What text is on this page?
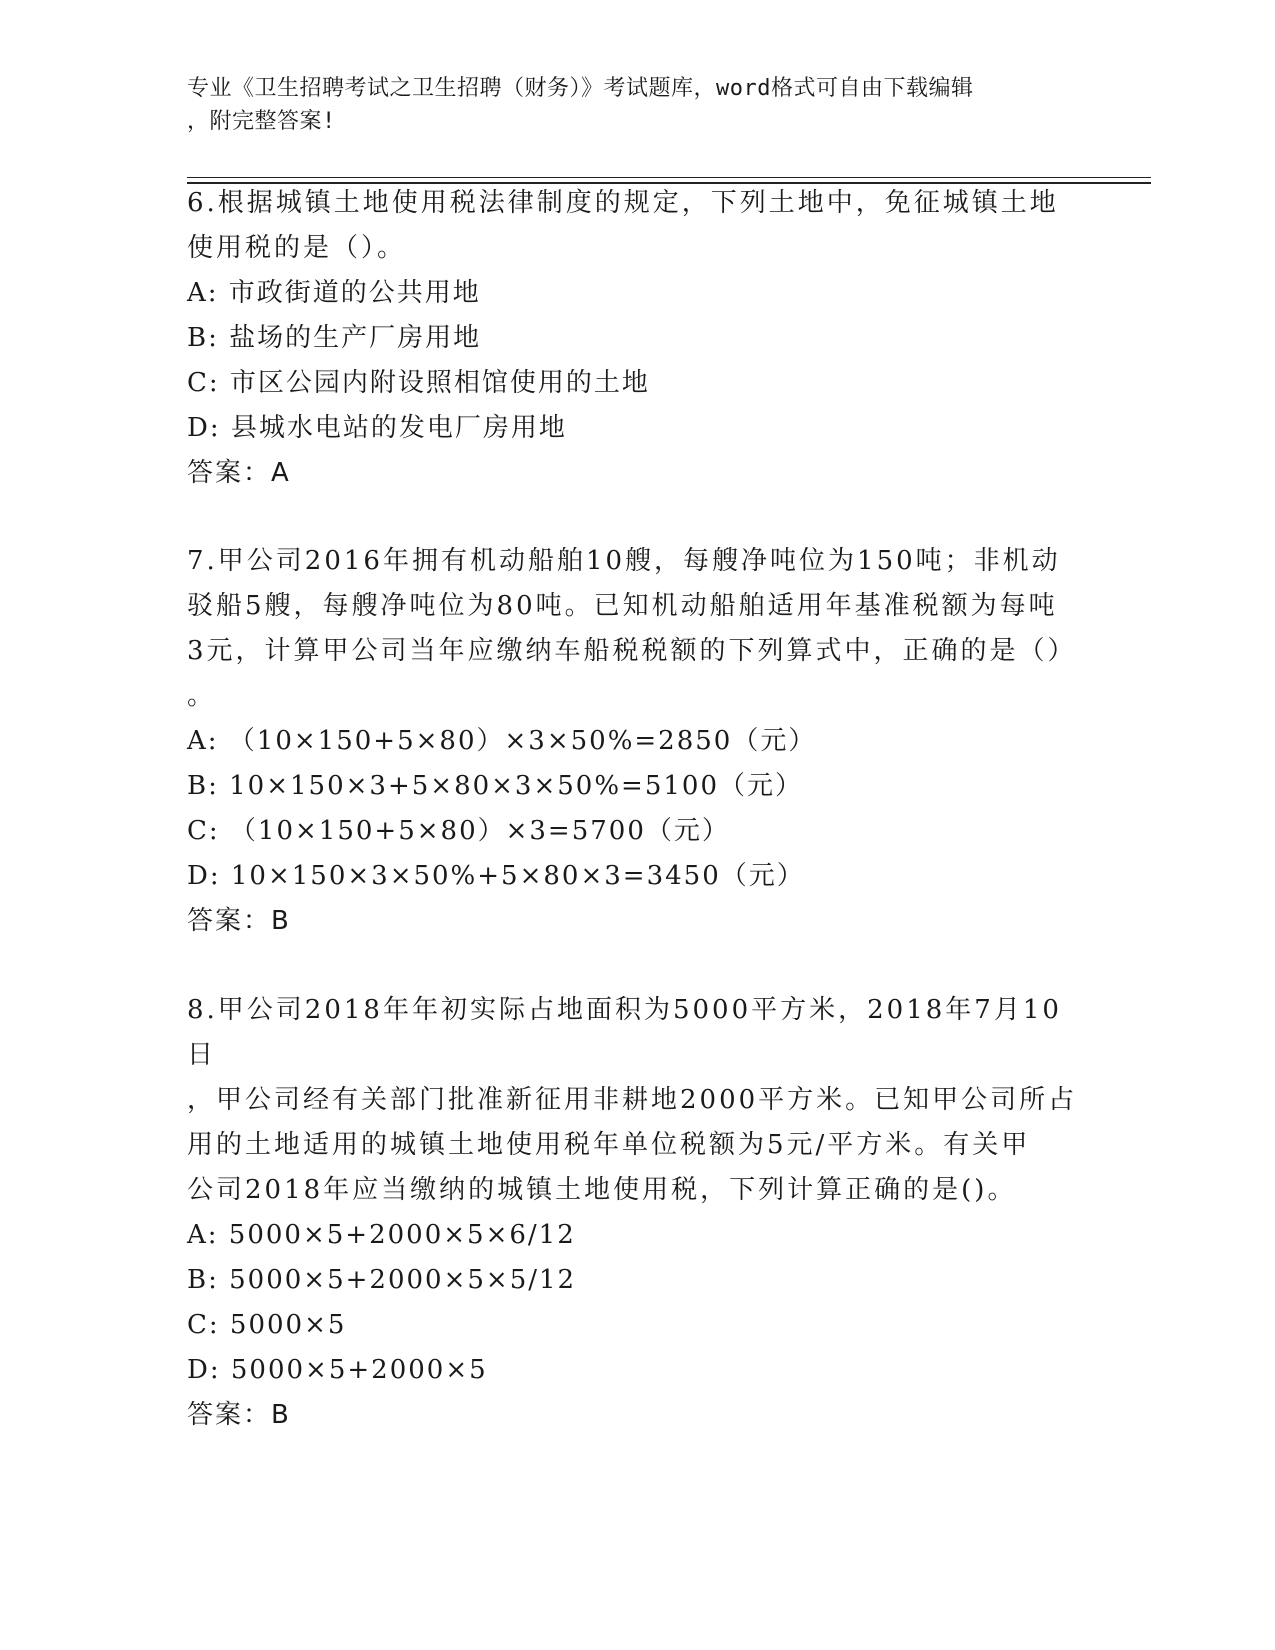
专业《卫生招聘考试之卫生招聘（财务）》考试题库，word格式可自由下载编辑
，附完整答案!
6.根据城镇土地使用税法律制度的规定，下列土地中，免征城镇土地
使用税的是（）。
A: 市政街道的公共用地
B: 盐场的生产厂房用地
C: 市区公园内附设照相馆使用的土地
D: 县城水电站的发电厂房用地
答案：A
7.甲公司2016年拥有机动船舶10艘，每艘净吨位为150吨；非机动
驳船5艘，每艘净吨位为80吨。已知机动船舶适用年基准税额为每吨
3元，计算甲公司当年应缴纳车船税税额的下列算式中，正确的是（）
。
A: （10×150+5×80）×3×50%=2850（元）
B: 10×150×3+5×80×3×50%=5100（元）
C: （10×150+5×80）×3=5700（元）
D: 10×150×3×50%+5×80×3=3450（元）
答案：B
8.甲公司2018年年初实际占地面积为5000平方米，2018年7月10日
，甲公司经有关部门批准新征用非耕地2000平方米。已知甲公司所占
用的土地适用的城镇土地使用税年单位税额为5元/平方米。有关甲
公司2018年应当缴纳的城镇土地使用税，下列计算正确的是()。
A: 5000×5+2000×5×6/12
B: 5000×5+2000×5×5/12
C: 5000×5
D: 5000×5+2000×5
答案：B
